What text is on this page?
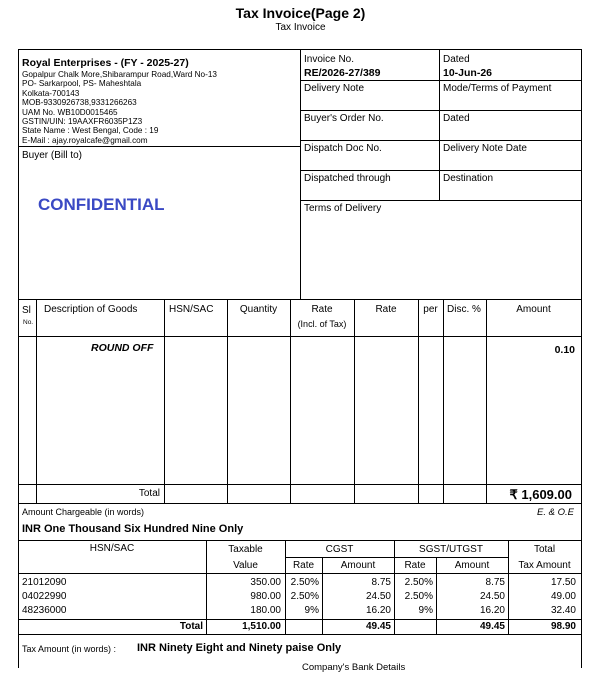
Tax Invoice(Page 2)
Tax Invoice
Royal Enterprises - (FY - 2025-27)
Gopalpur Chalk More,Shibarampur Road,Ward No-13
PO- Sarkarpool, PS- Maheshtala
Kolkata-700143
MOB-9330926738,9331266263
UAM No. WB10D0015465
GSTIN/UIN: 19AAXFR6035P1Z3
State Name : West Bengal, Code : 19
E-Mail : ajay.royalcafe@gmail.com
Buyer (Bill to)
CONFIDENTIAL
Invoice No.
RE/2026-27/389
Dated
10-Jun-26
Delivery Note	Mode/Terms of Payment
Buyer's Order No.	Dated
Dispatch Doc No.	Delivery Note Date
Dispatched through	Destination
Terms of Delivery
Sl
No.
Description of Goods	HSN/SAC	Quantity	Rate
(Incl. of Tax)
Rate	per Disc. %	Amount
ROUND OFF	0.10
Total	₹ 1,609.00
Amount Chargeable (in words)	E. & O.E
INR One Thousand Six Hundred Nine Only
HSN/SAC	Taxable
Value
CGST	SGST/UTGST
Rate	Amount	Rate	Amount
Total
Tax Amount
21012090	350.00 2.50%	8.75	2.50%	8.75	17.50
04022990	980.00 2.50%	24.50	2.50%	24.50	49.00
48236000	180.00	9%	16.20	9%	16.20	32.40
Total	1,510.00	49.45	49.45	98.90
Tax Amount (in words) : INR Ninety Eight and Ninety paise Only
Company's Bank Details
